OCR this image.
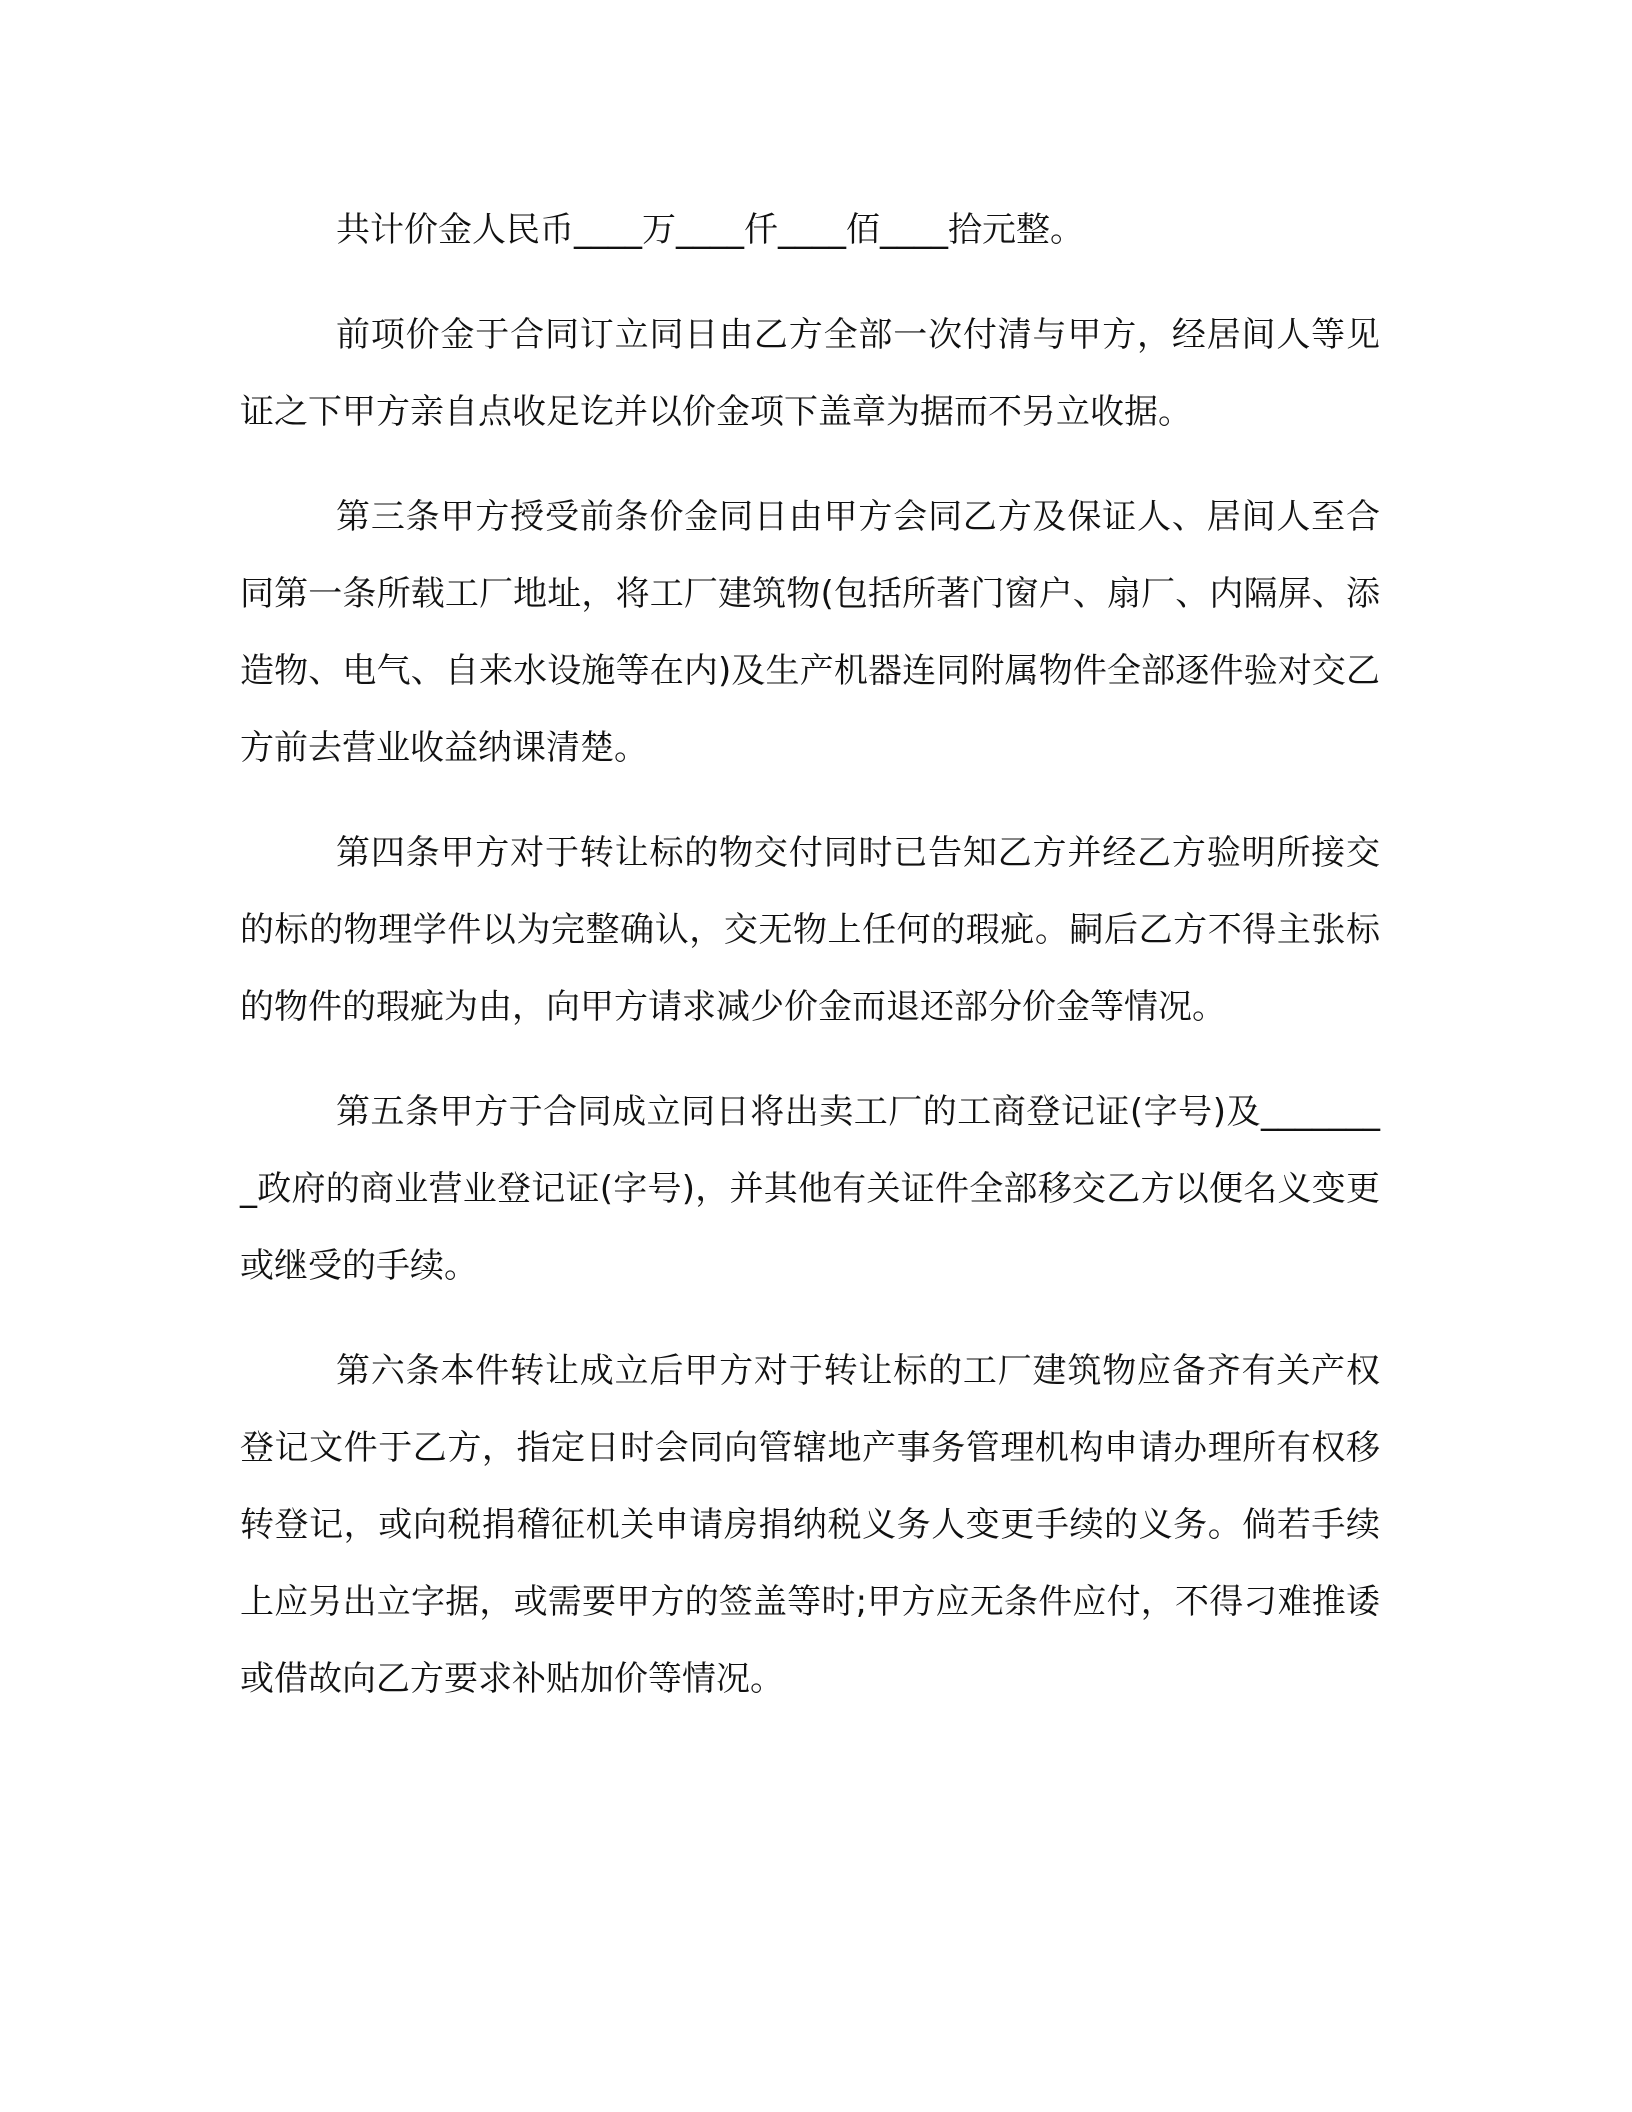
共计价金人民币____万____仟____佰____拾元整。

前项价金于合同订立同日由乙方全部一次付清与甲方，经居间人等见证之下甲方亲自点收足讫并以价金项下盖章为据而不另立收据。

第三条甲方授受前条价金同日由甲方会同乙方及保证人、居间人至合同第一条所载工厂地址，将工厂建筑物(包括所著门窗户、扇厂、内隔屏、添造物、电气、自来水设施等在内)及生产机器连同附属物件全部逐件验对交乙方前去营业收益纳课清楚。

第四条甲方对于转让标的物交付同时已告知乙方并经乙方验明所接交的标的物理学件以为完整确认，交无物上任何的瑕疵。嗣后乙方不得主张标的物件的瑕疵为由，向甲方请求减少价金而退还部分价金等情况。

第五条甲方于合同成立同日将出卖工厂的工商登记证(字号)及________政府的商业营业登记证(字号)，并其他有关证件全部移交乙方以便名义变更或继受的手续。

第六条本件转让成立后甲方对于转让标的工厂建筑物应备齐有关产权登记文件于乙方，指定日时会同向管辖地产事务管理机构申请办理所有权移转登记，或向税捐稽征机关申请房捐纳税义务人变更手续的义务。倘若手续上应另出立字据，或需要甲方的签盖等时;甲方应无条件应付，不得刁难推诿或借故向乙方要求补贴加价等情况。
